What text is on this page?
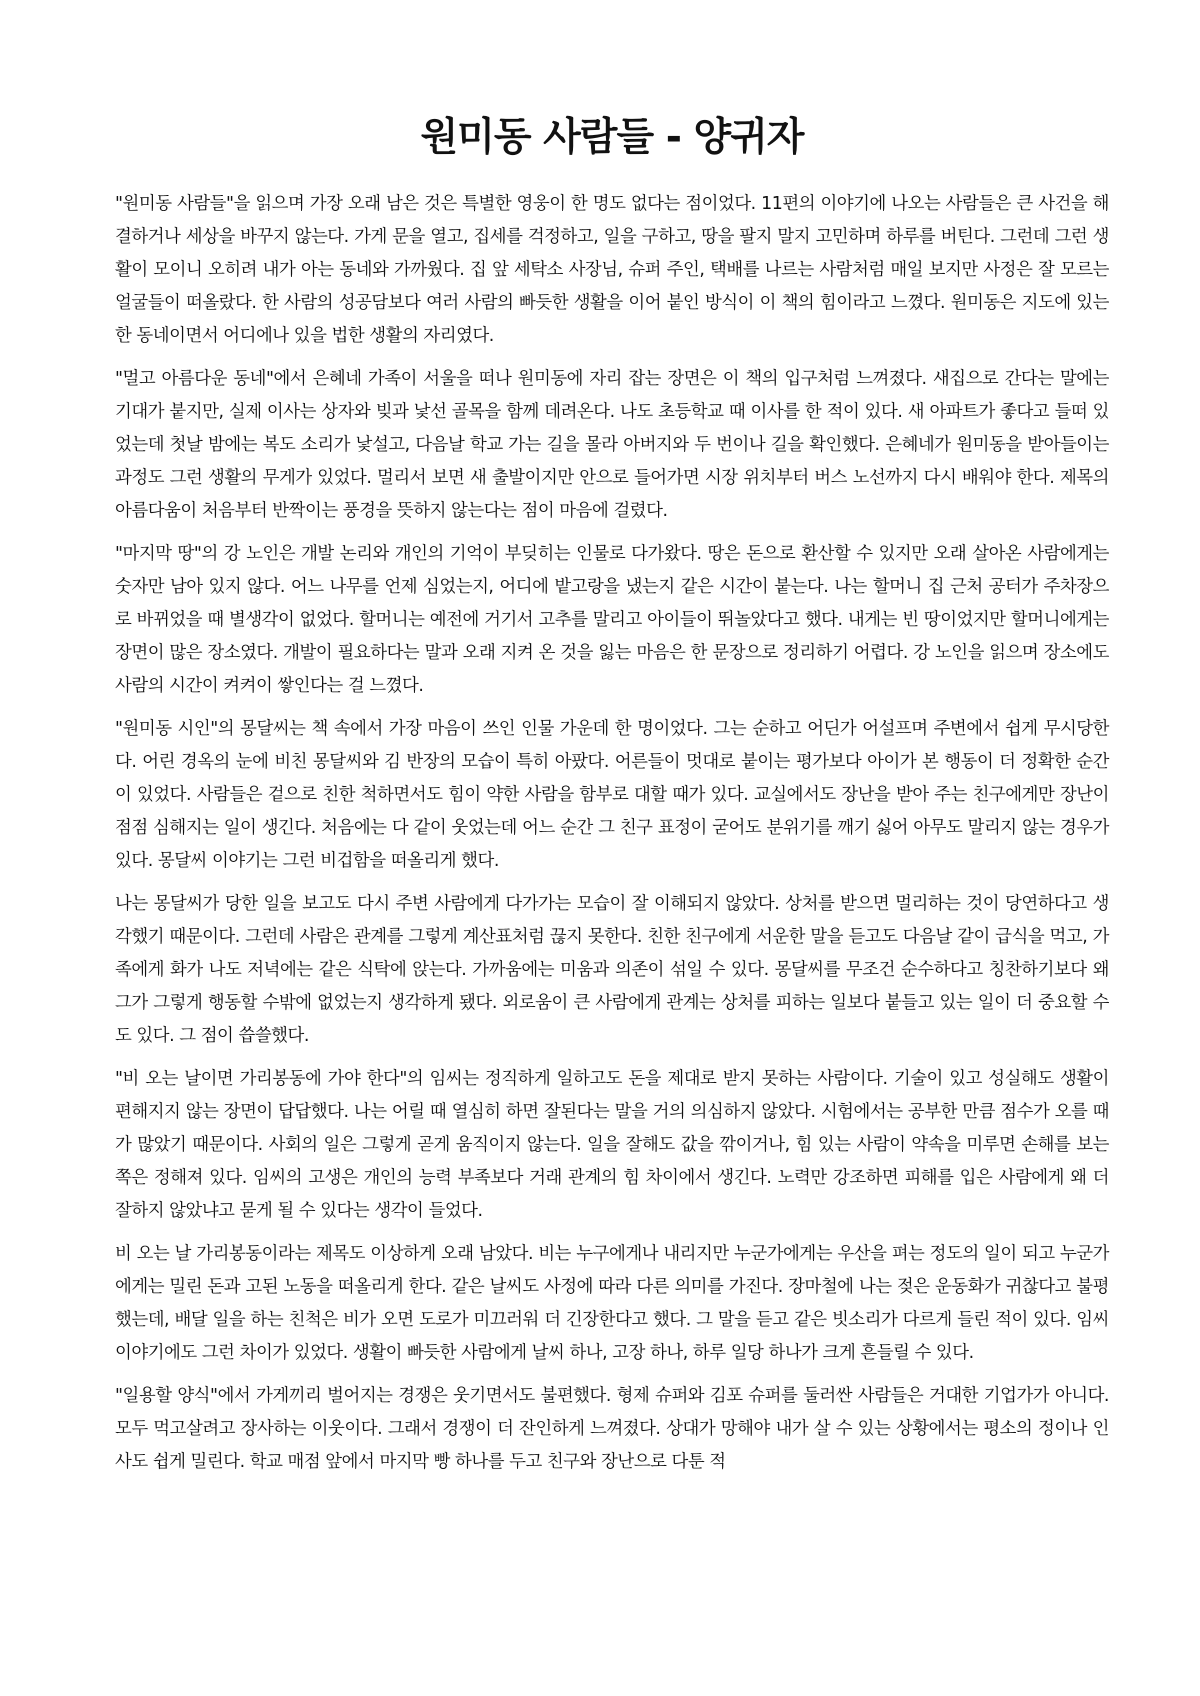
원미동 사람들 - 양귀자

"원미동 사람들"을 읽으며 가장 오래 남은 것은 특별한 영웅이 한 명도 없다는 점이었다. 11편의 이야기에 나오는 사람들은 큰 사건을 해결하거나 세상을 바꾸지 않는다. 가게 문을 열고, 집세를 걱정하고, 일을 구하고, 땅을 팔지 말지 고민하며 하루를 버틴다. 그런데 그런 생활이 모이니 오히려 내가 아는 동네와 가까웠다. 집 앞 세탁소 사장님, 슈퍼 주인, 택배를 나르는 사람처럼 매일 보지만 사정은 잘 모르는 얼굴들이 떠올랐다. 한 사람의 성공담보다 여러 사람의 빠듯한 생활을 이어 붙인 방식이 이 책의 힘이라고 느꼈다. 원미동은 지도에 있는 한 동네이면서 어디에나 있을 법한 생활의 자리였다.

"멀고 아름다운 동네"에서 은혜네 가족이 서울을 떠나 원미동에 자리 잡는 장면은 이 책의 입구처럼 느껴졌다. 새집으로 간다는 말에는 기대가 붙지만, 실제 이사는 상자와 빚과 낯선 골목을 함께 데려온다. 나도 초등학교 때 이사를 한 적이 있다. 새 아파트가 좋다고 들떠 있었는데 첫날 밤에는 복도 소리가 낯설고, 다음날 학교 가는 길을 몰라 아버지와 두 번이나 길을 확인했다. 은혜네가 원미동을 받아들이는 과정도 그런 생활의 무게가 있었다. 멀리서 보면 새 출발이지만 안으로 들어가면 시장 위치부터 버스 노선까지 다시 배워야 한다. 제목의 아름다움이 처음부터 반짝이는 풍경을 뜻하지 않는다는 점이 마음에 걸렸다.

"마지막 땅"의 강 노인은 개발 논리와 개인의 기억이 부딪히는 인물로 다가왔다. 땅은 돈으로 환산할 수 있지만 오래 살아온 사람에게는 숫자만 남아 있지 않다. 어느 나무를 언제 심었는지, 어디에 밭고랑을 냈는지 같은 시간이 붙는다. 나는 할머니 집 근처 공터가 주차장으로 바뀌었을 때 별생각이 없었다. 할머니는 예전에 거기서 고추를 말리고 아이들이 뛰놀았다고 했다. 내게는 빈 땅이었지만 할머니에게는 장면이 많은 장소였다. 개발이 필요하다는 말과 오래 지켜 온 것을 잃는 마음은 한 문장으로 정리하기 어렵다. 강 노인을 읽으며 장소에도 사람의 시간이 켜켜이 쌓인다는 걸 느꼈다.

"원미동 시인"의 몽달씨는 책 속에서 가장 마음이 쓰인 인물 가운데 한 명이었다. 그는 순하고 어딘가 어설프며 주변에서 쉽게 무시당한다. 어린 경옥의 눈에 비친 몽달씨와 김 반장의 모습이 특히 아팠다. 어른들이 멋대로 붙이는 평가보다 아이가 본 행동이 더 정확한 순간이 있었다. 사람들은 겉으로 친한 척하면서도 힘이 약한 사람을 함부로 대할 때가 있다. 교실에서도 장난을 받아 주는 친구에게만 장난이 점점 심해지는 일이 생긴다. 처음에는 다 같이 웃었는데 어느 순간 그 친구 표정이 굳어도 분위기를 깨기 싫어 아무도 말리지 않는 경우가 있다. 몽달씨 이야기는 그런 비겁함을 떠올리게 했다.

나는 몽달씨가 당한 일을 보고도 다시 주변 사람에게 다가가는 모습이 잘 이해되지 않았다. 상처를 받으면 멀리하는 것이 당연하다고 생각했기 때문이다. 그런데 사람은 관계를 그렇게 계산표처럼 끊지 못한다. 친한 친구에게 서운한 말을 듣고도 다음날 같이 급식을 먹고, 가족에게 화가 나도 저녁에는 같은 식탁에 앉는다. 가까움에는 미움과 의존이 섞일 수 있다. 몽달씨를 무조건 순수하다고 칭찬하기보다 왜 그가 그렇게 행동할 수밖에 없었는지 생각하게 됐다. 외로움이 큰 사람에게 관계는 상처를 피하는 일보다 붙들고 있는 일이 더 중요할 수도 있다. 그 점이 씁쓸했다.

"비 오는 날이면 가리봉동에 가야 한다"의 임씨는 정직하게 일하고도 돈을 제대로 받지 못하는 사람이다. 기술이 있고 성실해도 생활이 편해지지 않는 장면이 답답했다. 나는 어릴 때 열심히 하면 잘된다는 말을 거의 의심하지 않았다. 시험에서는 공부한 만큼 점수가 오를 때가 많았기 때문이다. 사회의 일은 그렇게 곧게 움직이지 않는다. 일을 잘해도 값을 깎이거나, 힘 있는 사람이 약속을 미루면 손해를 보는 쪽은 정해져 있다. 임씨의 고생은 개인의 능력 부족보다 거래 관계의 힘 차이에서 생긴다. 노력만 강조하면 피해를 입은 사람에게 왜 더 잘하지 않았냐고 묻게 될 수 있다는 생각이 들었다.

비 오는 날 가리봉동이라는 제목도 이상하게 오래 남았다. 비는 누구에게나 내리지만 누군가에게는 우산을 펴는 정도의 일이 되고 누군가에게는 밀린 돈과 고된 노동을 떠올리게 한다. 같은 날씨도 사정에 따라 다른 의미를 가진다. 장마철에 나는 젖은 운동화가 귀찮다고 불평했는데, 배달 일을 하는 친척은 비가 오면 도로가 미끄러워 더 긴장한다고 했다. 그 말을 듣고 같은 빗소리가 다르게 들린 적이 있다. 임씨 이야기에도 그런 차이가 있었다. 생활이 빠듯한 사람에게 날씨 하나, 고장 하나, 하루 일당 하나가 크게 흔들릴 수 있다.

"일용할 양식"에서 가게끼리 벌어지는 경쟁은 웃기면서도 불편했다. 형제 슈퍼와 김포 슈퍼를 둘러싼 사람들은 거대한 기업가가 아니다. 모두 먹고살려고 장사하는 이웃이다. 그래서 경쟁이 더 잔인하게 느껴졌다. 상대가 망해야 내가 살 수 있는 상황에서는 평소의 정이나 인사도 쉽게 밀린다. 학교 매점 앞에서 마지막 빵 하나를 두고 친구와 장난으로 다툰 적
